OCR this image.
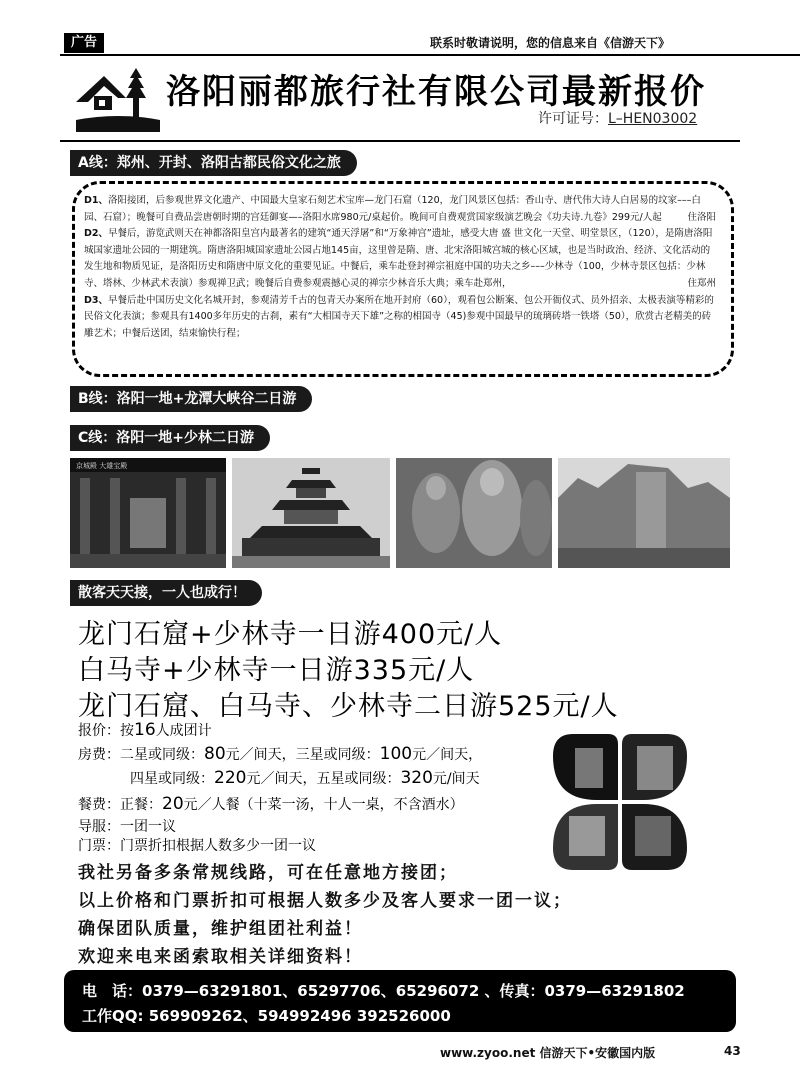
广告	联系时敬请说明，您的信息来自《信游天下》
洛阳丽都旅行社有限公司最新报价
许可证号：L–HEN03002
A线：郑州、开封、洛阳古都民俗文化之旅

D1、洛阳接团，后参观世界文化遗产、中国最大皇家石刻艺术宝库—龙门石窟（120，龙门风景区包括：香山寺、唐代伟大诗人白居易的坟家–––白园、石窟）；晚餐可自费品尝唐朝时期的宫廷御宴—–洛阳水席980元/桌起价。晚间可自费观赏国家级演艺晚会《功夫诗.九卷》299元/人起	住洛阳

D2、早餐后，游览武则天在神都洛阳皇宫内最著名的建筑“通天浮屠”和“万象神宫”遗址，感受大唐 盛 世文化一天堂、明堂景区，（120），是隋唐洛阳城国家遗址公园的一期建筑。隋唐洛阳城国家遗址公园占地145亩，这里曾是隋、唐、北宋洛阳城宫城的核心区域，也是当时政治、经济、文化活动的发生地和物质见证，是洛阳历史和隋唐中原文化的重要见证。中餐后，乘车赴登封禅宗祖庭中国的功夫之乡–––少林寺（100，少林寺景区包括：少林寺、塔林、少林武术表演）参观禅卫武；晚餐后自费参观震撼心灵的禅宗少林音乐大典；乘车赴郑州，	住郑州

D3、早餐后赴中国历史文化名城开封，参观清芳千古的包青天办案所在地开封府（60），观看包公断案、包公开衙仪式、员外招亲、太极表演等精彩的民俗文化表演；参观具有1400多年历史的古刹，素有“大相国寺天下雄”之称的相国寺（45)参观中国最早的琉璃砖塔一铁塔（50），欣赏古老精美的砖雕艺术；中餐后送团，结束愉快行程；

B线：洛阳一地+龙潭大峡谷二日游
C线：洛阳一地+少林二日游
京城殿 大雄宝殿
散客天天接，一人也成行！
龙门石窟+少林寺一日游400元/人
白马寺+少林寺一日游335元/人
龙门石窟、白马寺、少林寺二日游525元/人
报价：按16人成团计
房费：二星或同级：80元／间天，三星或同级：100元／间天，
四星或同级：220元／间天，五星或同级：320元/间天
餐费：正餐：20元／人餐（十菜一汤，十人一桌，不含酒水）
导服：一团一议
门票：门票折扣根据人数多少一团一议
我社另备多条常规线路，可在任意地方接团；
以上价格和门票折扣可根据人数多少及客人要求一团一议；
确保团队质量，维护组团社利益！
欢迎来电来函索取相关详细资料！
电　话：0379—63291801、65297706、65296072 、传真：0379—63291802
工作QQ: 569909262、594992496 392526000
www.zyoo.net 信游天下•安徽国内版	43
